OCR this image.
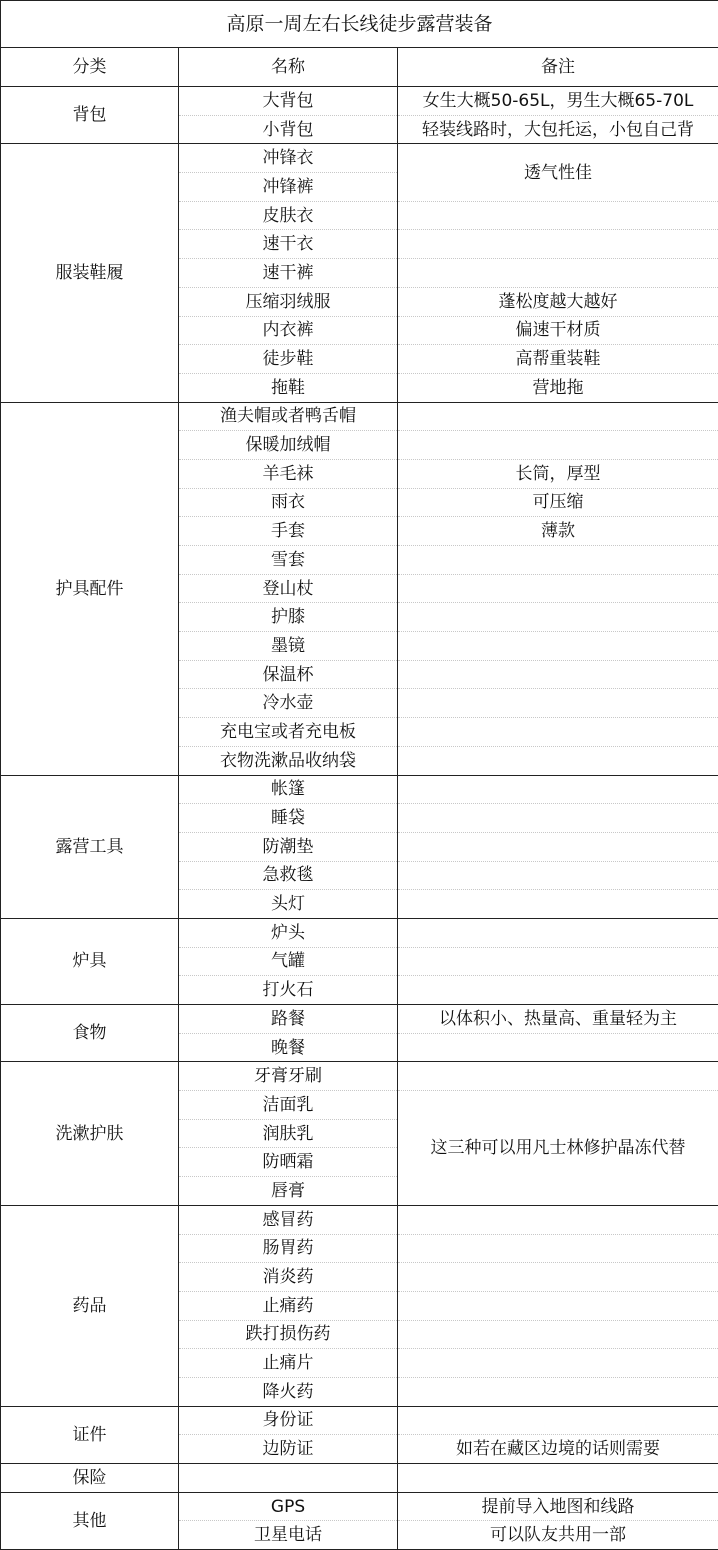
高原一周左右长线徒步露营装备		
分类	名称	备注
背包	大背包	女生大概50-65L，男生大概65-70L
	小背包	轻装线路时，大包托运，小包自己背
服装鞋履	冲锋衣	透气性佳
	冲锋裤	
	皮肤衣	
	速干衣	
	速干裤	
	压缩羽绒服	蓬松度越大越好
	内衣裤	偏速干材质
	徒步鞋	高帮重装鞋
	拖鞋	营地拖
护具配件	渔夫帽或者鸭舌帽	
	保暖加绒帽	
	羊毛袜	长筒，厚型
	雨衣	可压缩
	手套	薄款
	雪套	
	登山杖	
	护膝	
	墨镜	
	保温杯	
	冷水壶	
	充电宝或者充电板	
	衣物洗漱品收纳袋	
露营工具	帐篷	
	睡袋	
	防潮垫	
	急救毯	
	头灯	
炉具	炉头	
	气罐	
	打火石	
食物	路餐	以体积小、热量高、重量轻为主
	晚餐	
洗漱护肤	牙膏牙刷	
	洁面乳	这三种可以用凡士林修护晶冻代替
	润肤乳	
	防晒霜	
	唇膏	
药品	感冒药	
	肠胃药	
	消炎药	
	止痛药	
	跌打损伤药	
	止痛片	
	降火药	
证件	身份证	
	边防证	如若在藏区边境的话则需要
保险		
其他	GPS	提前导入地图和线路
	卫星电话	可以队友共用一部
